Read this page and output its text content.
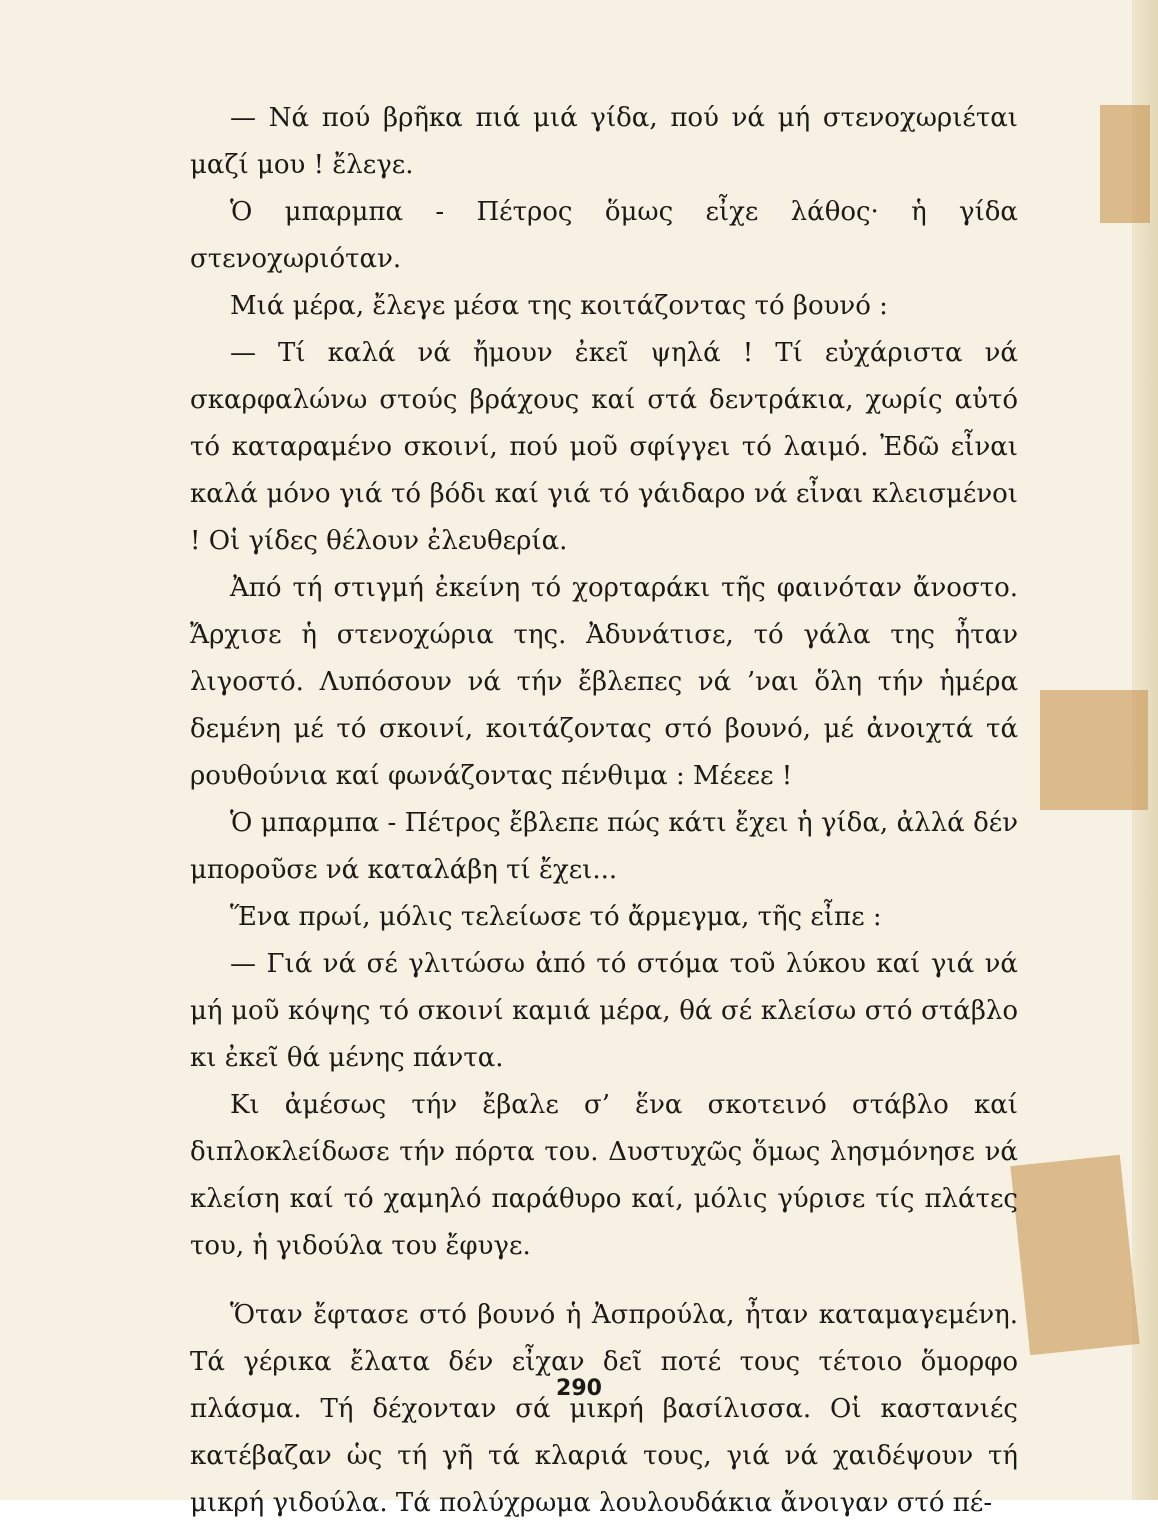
— Νά πού βρῆκα πιά μιά γίδα, πού νά μή στενοχωριέται μαζί μου ! ἔλεγε.

Ὁ μπαρμπα - Πέτρος ὅμως εἶχε λάθος· ἡ γίδα στενοχωριόταν.

Μιά μέρα, ἔλεγε μέσα της κοιτάζοντας τό βουνό :

— Τί καλά νά ἤμουν ἐκεῖ ψηλά ! Τί εὐχάριστα νά σκαρφαλώνω στούς βράχους καί στά δεντράκια, χωρίς αὐτό τό καταραμένο σκοινί, πού μοῦ σφίγγει τό λαιμό. Ἐδῶ εἶναι καλά μόνο γιά τό βόδι καί γιά τό γάιδαρο νά εἶναι κλεισμένοι ! Οἱ γίδες θέλουν ἐλευθερία.

Ἀπό τή στιγμή ἐκείνη τό χορταράκι τῆς φαινόταν ἄνοστο. Ἄρχισε ἡ στενοχώρια της. Ἀδυνάτισε, τό γάλα της ἦταν λιγοστό. Λυπόσουν νά τήν ἔβλεπες νά ’ναι ὅλη τήν ἡμέρα δεμένη μέ τό σκοινί, κοιτάζοντας στό βουνό, μέ ἀνοιχτά τά ρουθούνια καί φωνάζοντας πένθιμα : Μέεεε !

Ὁ μπαρμπα - Πέτρος ἔβλεπε πώς κάτι ἔχει ἡ γίδα, ἀλλά δέν μποροῦσε νά καταλάβη τί ἔχει...

Ἕνα πρωί, μόλις τελείωσε τό ἄρμεγμα, τῆς εἶπε :

— Γιά νά σέ γλιτώσω ἀπό τό στόμα τοῦ λύκου καί γιά νά μή μοῦ κόψης τό σκοινί καμιά μέρα, θά σέ κλείσω στό στάβλο κι ἐκεῖ θά μένης πάντα.

Κι ἀμέσως τήν ἔβαλε σ’ ἕνα σκοτεινό στάβλο καί διπλοκλείδωσε τήν πόρτα του. Δυστυχῶς ὅμως λησμόνησε νά κλείση καί τό χαμηλό παράθυρο καί, μόλις γύρισε τίς πλάτες του, ἡ γιδούλα του ἔφυγε.

Ὅταν ἔφτασε στό βουνό ἡ Ἀσπρούλα, ἦταν καταμαγεμένη. Τά γέρικα ἔλατα δέν εἶχαν δεῖ ποτέ τους τέτοιο ὅμορφο πλάσμα. Τή δέχονταν σά μικρή βασίλισσα. Οἱ καστανιές κατέβαζαν ὡς τή γῆ τά κλαριά τους, γιά νά χαιδέψουν τή μικρή γιδούλα. Τά πολύχρωμα λουλουδάκια ἄνοιγαν στό πέ-

290
